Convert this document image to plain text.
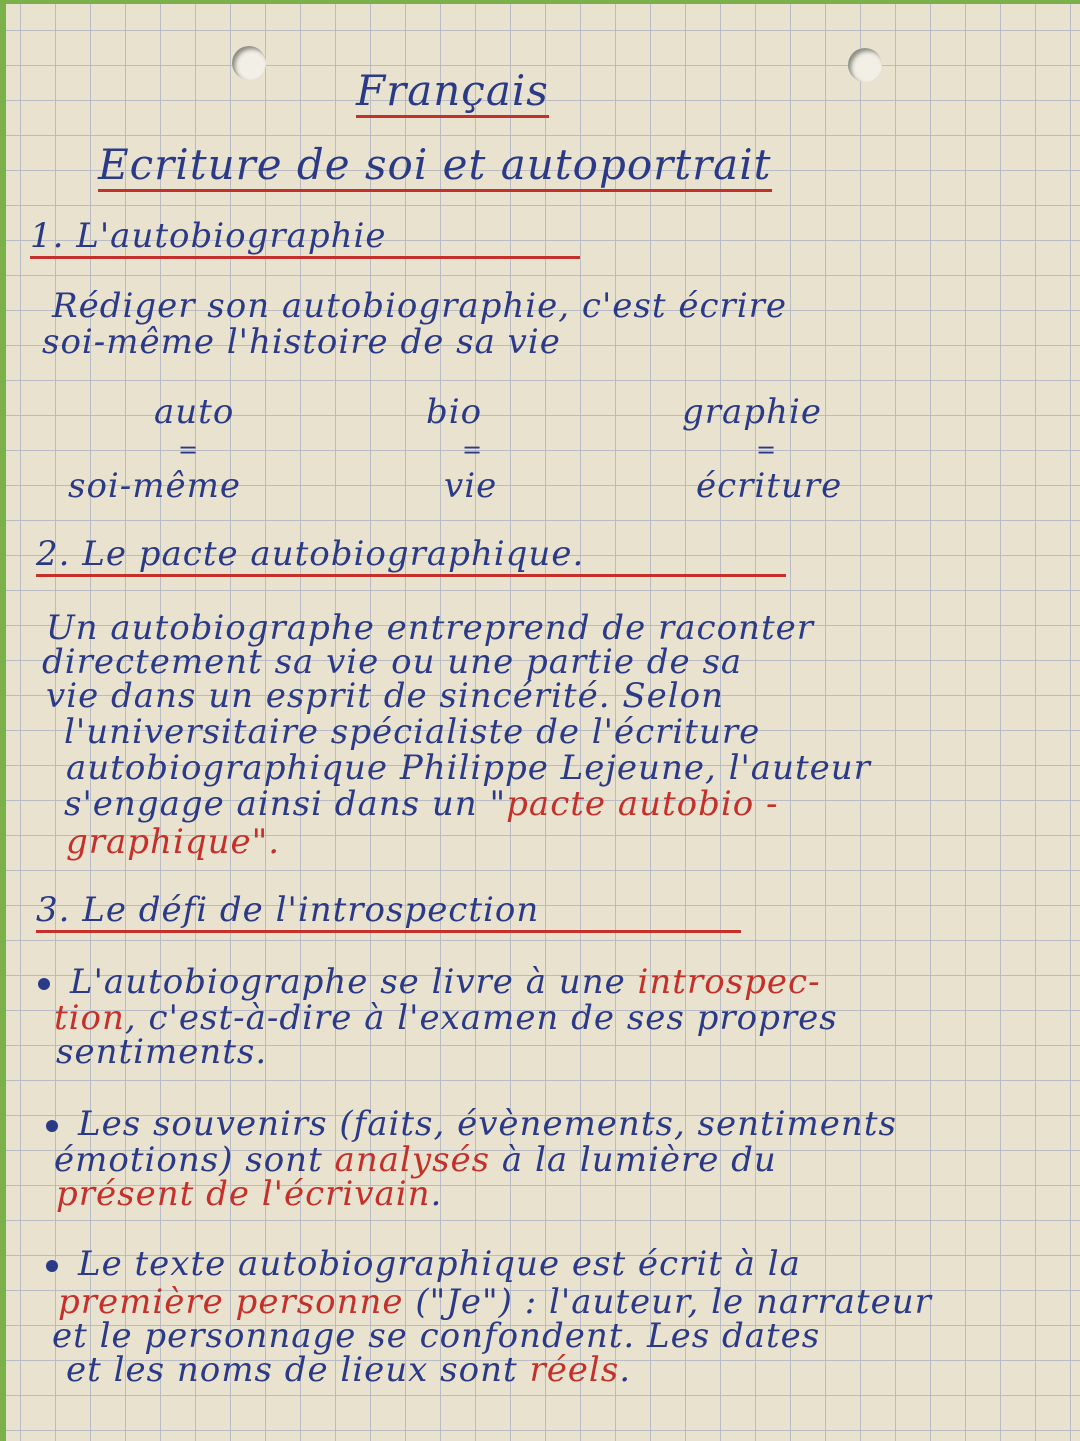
Français
Ecriture de soi et autoportrait
1. L'autobiographie
Rédiger son autobiographie, c'est écrire
soi-même l'histoire de sa vie
auto
=
soi-même
bio
=
vie
graphie
=
écriture
2. Le pacte autobiographique.
Un autobiographe entreprend de raconter
directement sa vie ou une partie de sa
vie dans un esprit de sincérité. Selon
l'universitaire spécialiste de l'écriture
autobiographique Philippe Lejeune, l'auteur
s'engage ainsi dans un "pacte autobio -
graphique".
3. Le défi de l'introspection
L'autobiographe se livre à une introspec-
tion, c'est-à-dire à l'examen de ses propres
sentiments.
Les souvenirs (faits, évènements, sentiments
émotions) sont analysés à la lumière du
présent de l'écrivain.
Le texte autobiographique est écrit à la
première personne ("Je") : l'auteur, le narrateur
et le personnage se confondent. Les dates
et les noms de lieux sont réels.
